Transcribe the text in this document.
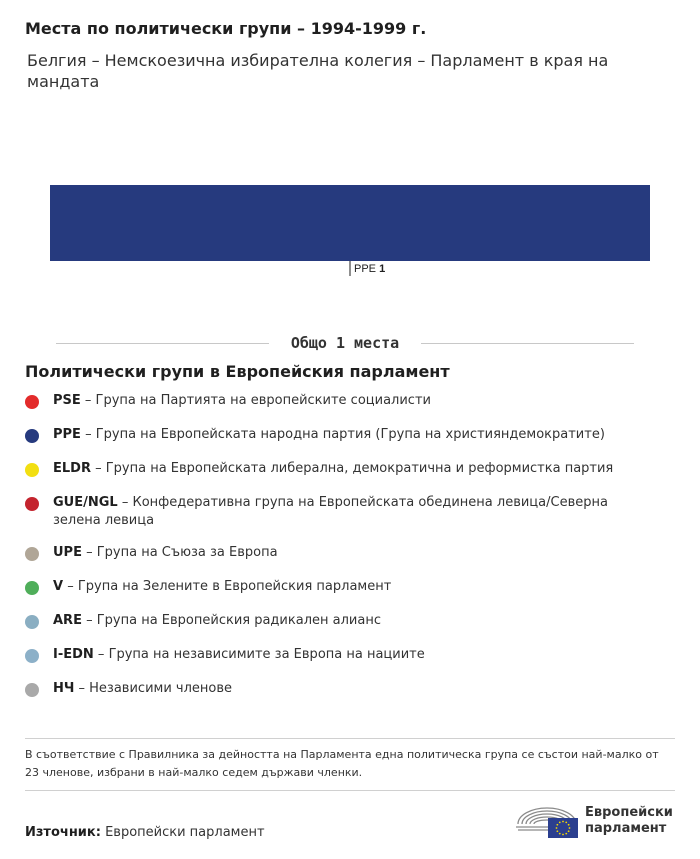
Места по политически групи – 1994-1999 г.

Белгия – Немскоезична избирателна колегия – Парламент в края на мандата

PPE 1
Общо 1 места
Политически групи в Европейския парламент
PSE – Група на Партията на европейските социалисти
PPE – Група на Европейската народна партия (Група на християндемократите)
ELDR – Група на Европейската либерална, демократична и реформистка партия
GUE/NGL – Конфедеративна група на Европейската обединена левица/Северна зелена левица
UPE – Група на Съюза за Европа
V – Група на Зелените в Европейския парламент
ARE – Група на Европейския радикален алианс
I-EDN – Група на независимите за Европа на нациите
НЧ – Независими членове

В съответствие с Правилника за дейността на Парламента една политическа група се състои най-малко от 23 членове, избрани в най-малко седем държави членки.

Източник: Европейски парламент

Европейски
парламент
